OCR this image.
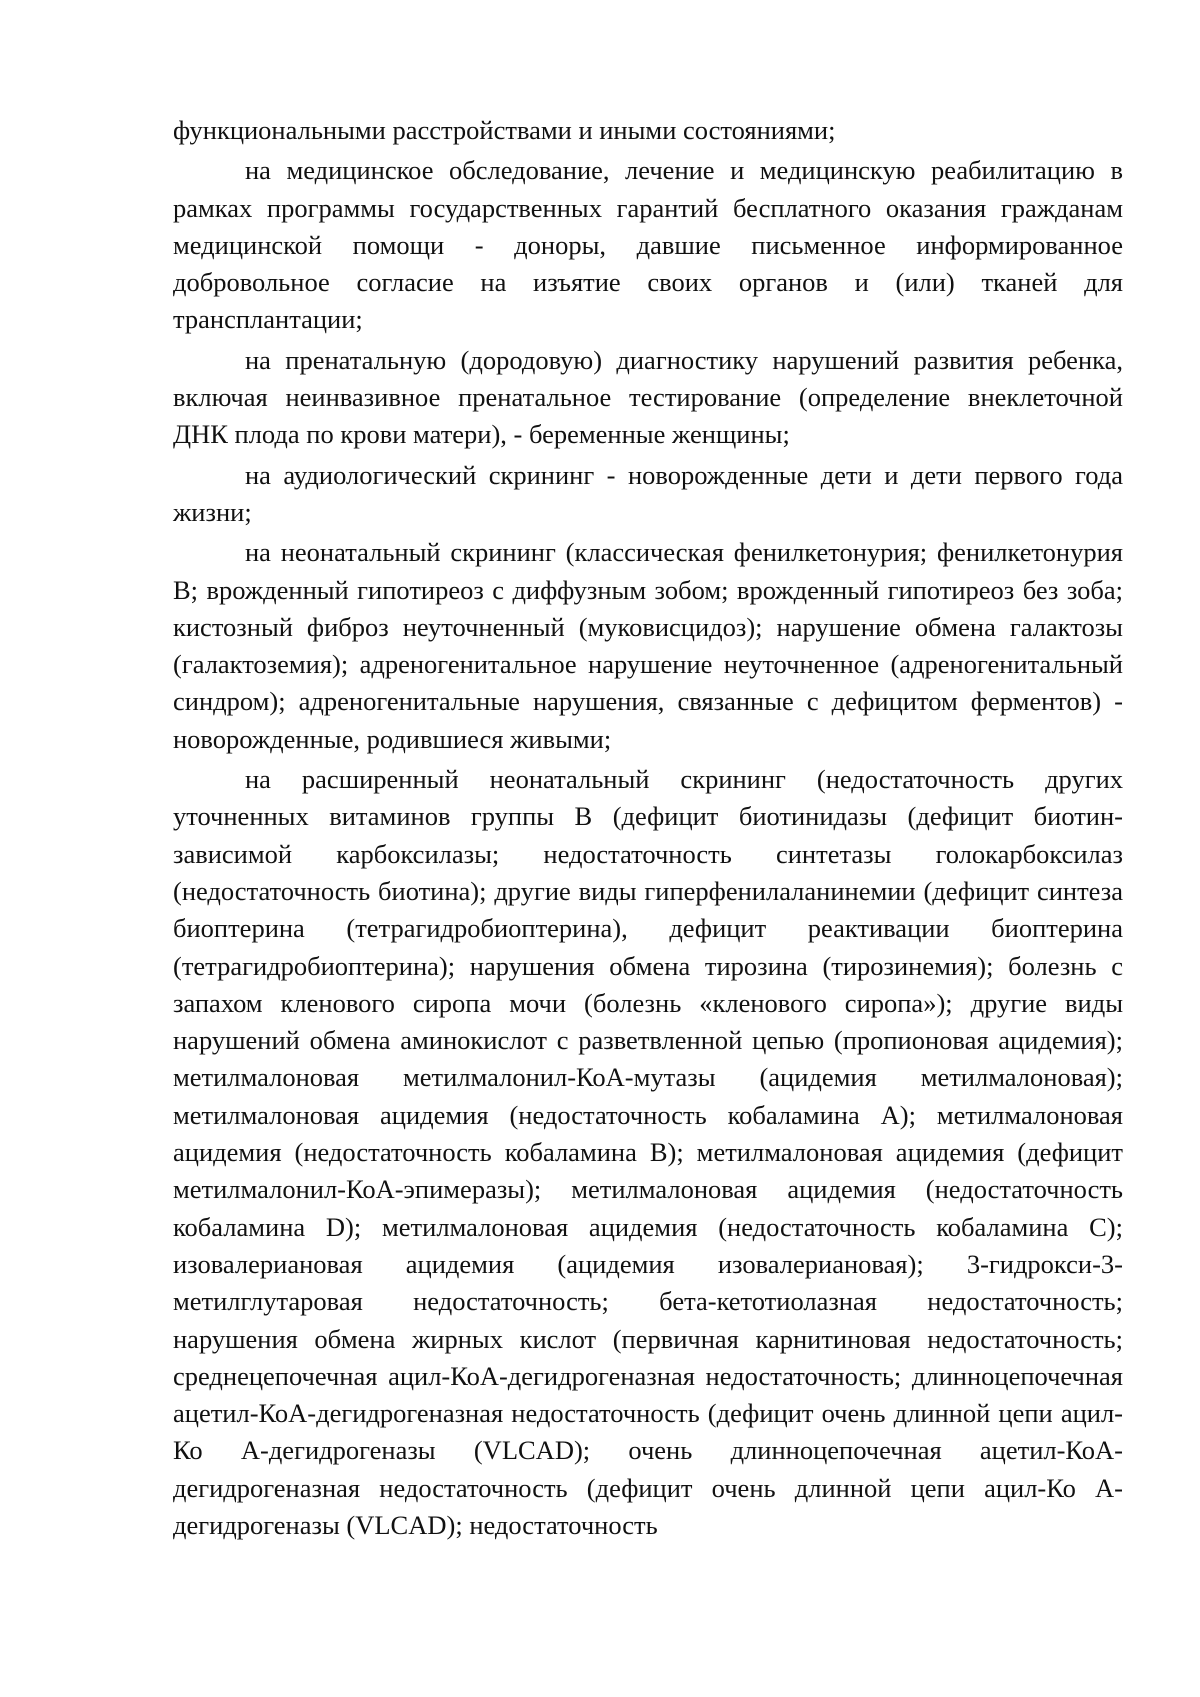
функциональными расстройствами и иными состояниями;

на медицинское обследование, лечение и медицинскую реабилитацию в рамках программы государственных гарантий бесплатного оказания гражданам медицинской помощи - доноры, давшие письменное информированное добровольное согласие на изъятие своих органов и (или) тканей для трансплантации;

на пренатальную (дородовую) диагностику нарушений развития ребенка, включая неинвазивное пренатальное тестирование (определение внеклеточной ДНК плода по крови матери), - беременные женщины;

на аудиологический скрининг - новорожденные дети и дети первого года жизни;

на неонатальный скрининг (классическая фенилкетонурия; фенилкетонурия B; врожденный гипотиреоз с диффузным зобом; врожденный гипотиреоз без зоба; кистозный фиброз неуточненный (муковисцидоз); нарушение обмена галактозы (галактоземия); адреногенитальное нарушение неуточненное (адреногенитальный синдром); адреногенитальные нарушения, связанные с дефицитом ферментов) - новорожденные, родившиеся живыми;

на расширенный неонатальный скрининг (недостаточность других уточненных витаминов группы B (дефицит биотинидазы (дефицит биотин-зависимой карбоксилазы; недостаточность синтетазы голокарбоксилаз (недостаточность биотина); другие виды гиперфенилаланинемии (дефицит синтеза биоптерина (тетрагидробиоптерина), дефицит реактивации биоптерина (тетрагидробиоптерина); нарушения обмена тирозина (тирозинемия); болезнь с запахом кленового сиропа мочи (болезнь «кленового сиропа»); другие виды нарушений обмена аминокислот с разветвленной цепью (пропионовая ацидемия); метилмалоновая метилмалонил-КоА-мутазы (ацидемия метилмалоновая); метилмалоновая ацидемия (недостаточность кобаламина A); метилмалоновая ацидемия (недостаточность кобаламина B); метилмалоновая ацидемия (дефицит метилмалонил-КоА-эпимеразы); метилмалоновая ацидемия (недостаточность кобаламина D); метилмалоновая ацидемия (недостаточность кобаламина C); изовалериановая ацидемия (ацидемия изовалериановая); 3-гидрокси-3-метилглутаровая недостаточность; бета-кетотиолазная недостаточность; нарушения обмена жирных кислот (первичная карнитиновая недостаточность; среднецепочечная ацил-КоА-дегидрогеназная недостаточность; длинноцепочечная ацетил-КоА-дегидрогеназная недостаточность (дефицит очень длинной цепи ацил-Ко А-дегидрогеназы (VLCAD); очень длинноцепочечная ацетил-КоА-дегидрогеназная недостаточность (дефицит очень длинной цепи ацил-Ко А-дегидрогеназы (VLCAD); недостаточность
